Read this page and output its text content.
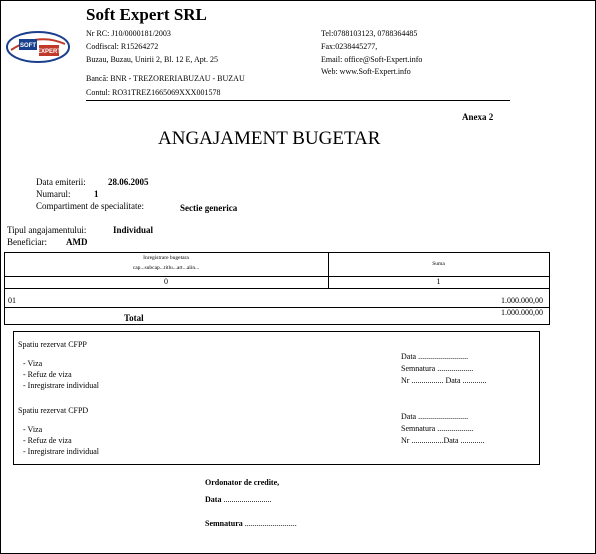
SOFT
EXPERT
Soft Expert SRL
Nr RC: J10/0000181/2003
Codfiscal: R15264272
Buzau, Buzau, Unirii 2, Bl. 12 E, Apt. 25
Bancă: BNR - TREZORERIABUZAU - BUZAU
Contul: RO31TREZ1665069XXX001578
Tel:0788103123, 0788364485
Fax:0238445277,
Email: office@Soft-Expert.info
Web: www.Soft-Expert.info
Anexa 2
ANGAJAMENT BUGETAR
Data emiterii: 28.06.2005
Numarul:	1
Compartiment de specialitate:	Sectie generica
Tipul angajamentului:	Individual
Beneficiar: AMD
Inregistrare bugetara
cap...subcap...titlu...art...alin...
Suma
0	1
01	1.000.000,00
Total
1.000.000,00
Spatiu rezervat CFPP
- Viza
- Refuz de viza
- Inregistrare individual
Data .........................
Semnatura ..................
Nr ................ Data ............
Spatiu rezervat CFPD
- Viza
- Refuz de viza
- Inregistrare individual
Data .........................
Semnatura ..................
Nr ................Data ............
Ordonator de credite,
Data ........................
Semnatura ..........................
